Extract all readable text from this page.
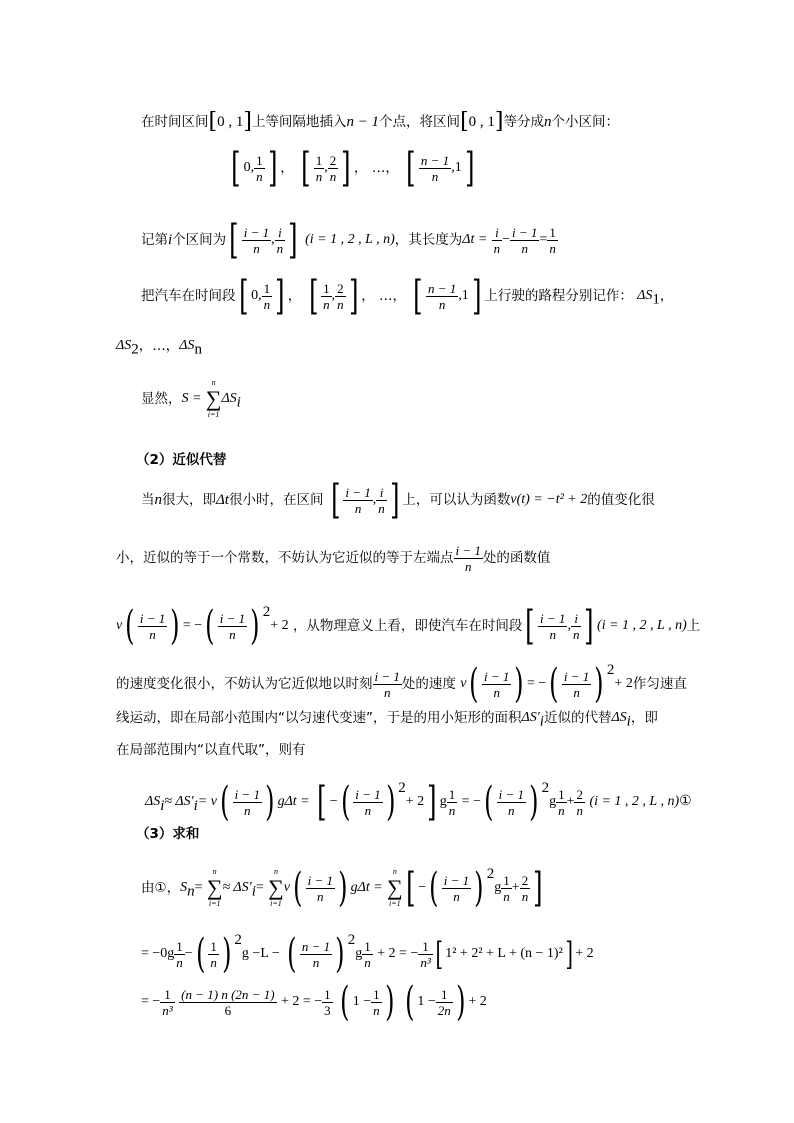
在时间区间[0 , 1]上等间隔地插入n − 1个点，将区间[0 , 1]等分成n个小区间：
[ 0, $\frac{1}{n}$ ] ， [ $\frac{1}{n}$ , $\frac{2}{n}$ ] ， …， [ $\frac{n - 1}{n} ,1$]
记第i个区间为[ $\frac{i - 1}{n}$ , $\frac{i}{n}$ ] (i = 1 , 2 , L , n)，其长度为$\Delta t = \frac{i}{n} - \frac{i - 1}{n} = \frac{1}{n}$
把汽车在时间段[ 0, $\frac{1}{n}$ ] ， [ $\frac{1}{n}$ , $\frac{2}{n}$ ] ， …， [ $\frac{n - 1}{n} ,1$] 上行驶的路程分别记作： $\Delta S_1$，
$\Delta S_2$，…，$\Delta S_n$
显然，S =
n
∑
i=1
$\Delta S_i$
（2）近似代替
当n很大，即Δt很小时，在区间 [ $\frac{i - 1}{n}$ , $\frac{i}{n}$ ] 上，可以认为函数v(t) = −t² + 2的值变化很
小，近似的等于一个常数，不妨认为它近似的等于左端点 $\frac{i - 1}{n}$ 处的函数值
$v( \frac{i - 1}{n}$ ) = −( $\frac{i - 1}{n}$ ) $^2$+ 2 ，从物理意义上看，即使汽车在时间段[ $\frac{i - 1}{n}$ , $\frac{i}{n}$ ] (i = 1 , 2 , L , n)上
的速度变化很小，不妨认为它近似地以时刻 $\frac{i - 1}{n}$ 处的速度 $v( \frac{i - 1}{n}$ ) = −( $\frac{i - 1}{n}$ ) $^2$+ 2作匀速直
线运动，即在局部小范围内“以匀速代变速”，于是的用小矩形的面积$\Delta S'_i$近似的代替$\Delta S_i$，即
在局部范围内“以直代取”，则有
$\Delta S_i\approx \Delta S'_i= v( \frac{i - 1}{n}$ ) gΔt = [ −( $\frac{i - 1}{n}$ ) $^2$+ 2] g $\frac{1}{n}$ = −( $\frac{i - 1}{n}$ ) $^2g \frac{1}{n} + \frac{2}{n} (i = 1$ , 2 , L , n)①
（3）求和
由①，$S_n=$
n
∑
i=1
≈ $\Delta S'_i=$
n
∑
i=1
$v( \frac{i - 1}{n}$ ) gΔt =
n
∑
i=1 [ −( $\frac{i - 1}{n}$ ) $^2g \frac{1}{n} + \frac{2}{n}$ ]
= $-0g \frac{1}{n}$ −( $\frac{1}{n}$ ) $^2$g −L − ( $\frac{n - 1}{n}$ ) $^2g \frac{1}{n} + 2$ = − $\frac{1}{\text{n³}}$ [ 1² + 2² + L + (n − 1)²] + 2
= − $\frac{1}{\text{n³}}$
$\frac{(n - 1) n (2n - 1)}{6} + 2$ = − $\frac{1}{3}$ ( $1 - \frac{1}{n}$ ) ( $1 - \frac{1}{2n}$ ) + 2
